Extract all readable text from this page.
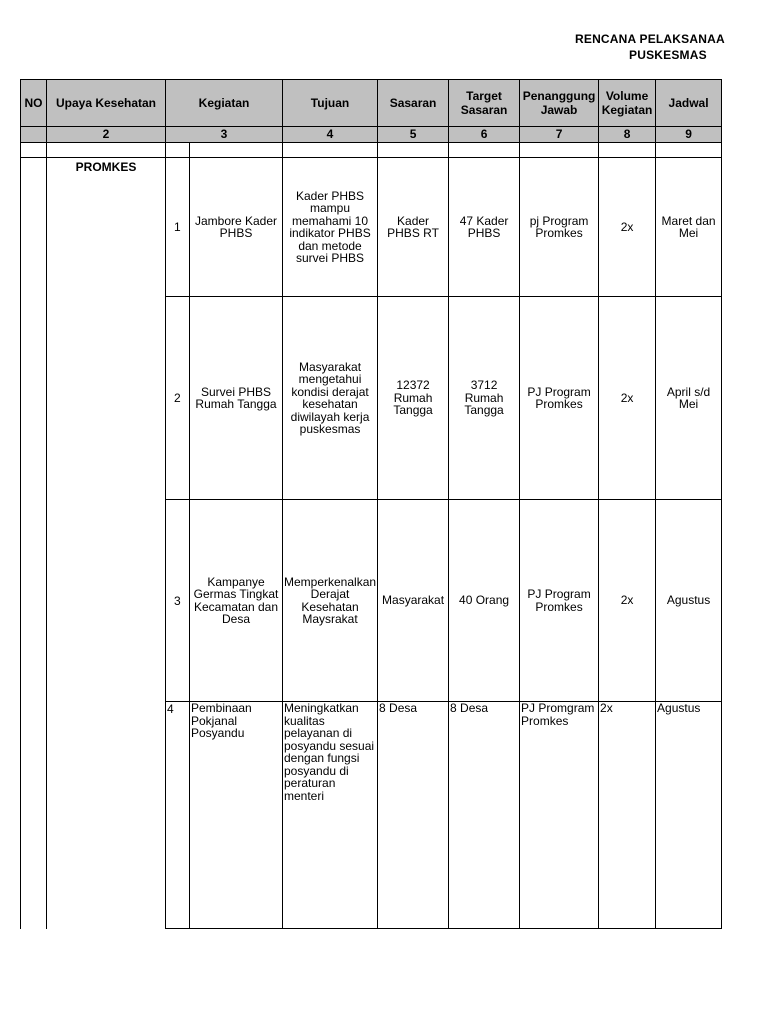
RENCANA PELAKSANAA
PUSKESMAS
NO	Upaya Kesehatan	Kegiatan		Tujuan	Sasaran	Target Sasaran	Penanggung Jawab	Volume Kegiatan	Jadwal
	2	3		4	5	6	7	8	9

	PROMKES	1	Jambore Kader PHBS	Kader PHBS mampu memahami 10 indikator PHBS dan metode survei PHBS	Kader PHBS RT	47 Kader PHBS	pj Program Promkes	2x	Maret dan Mei
		2	Survei PHBS Rumah Tangga	Masyarakat mengetahui kondisi derajat kesehatan diwilayah kerja puskesmas	12372 Rumah Tangga	3712 Rumah Tangga	PJ Program Promkes	2x	April s/d Mei
		3	Kampanye Germas Tingkat Kecamatan dan Desa	Memperkenalkan Derajat Kesehatan Maysrakat	Masyarakat	40 Orang	PJ Program Promkes	2x	Agustus
		4	Pembinaan Pokjanal Posyandu	Meningkatkan kualitas pelayanan di posyandu sesuai dengan fungsi posyandu di peraturan menteri	8 Desa	8 Desa	PJ Promgram Promkes	2x	Agustus
